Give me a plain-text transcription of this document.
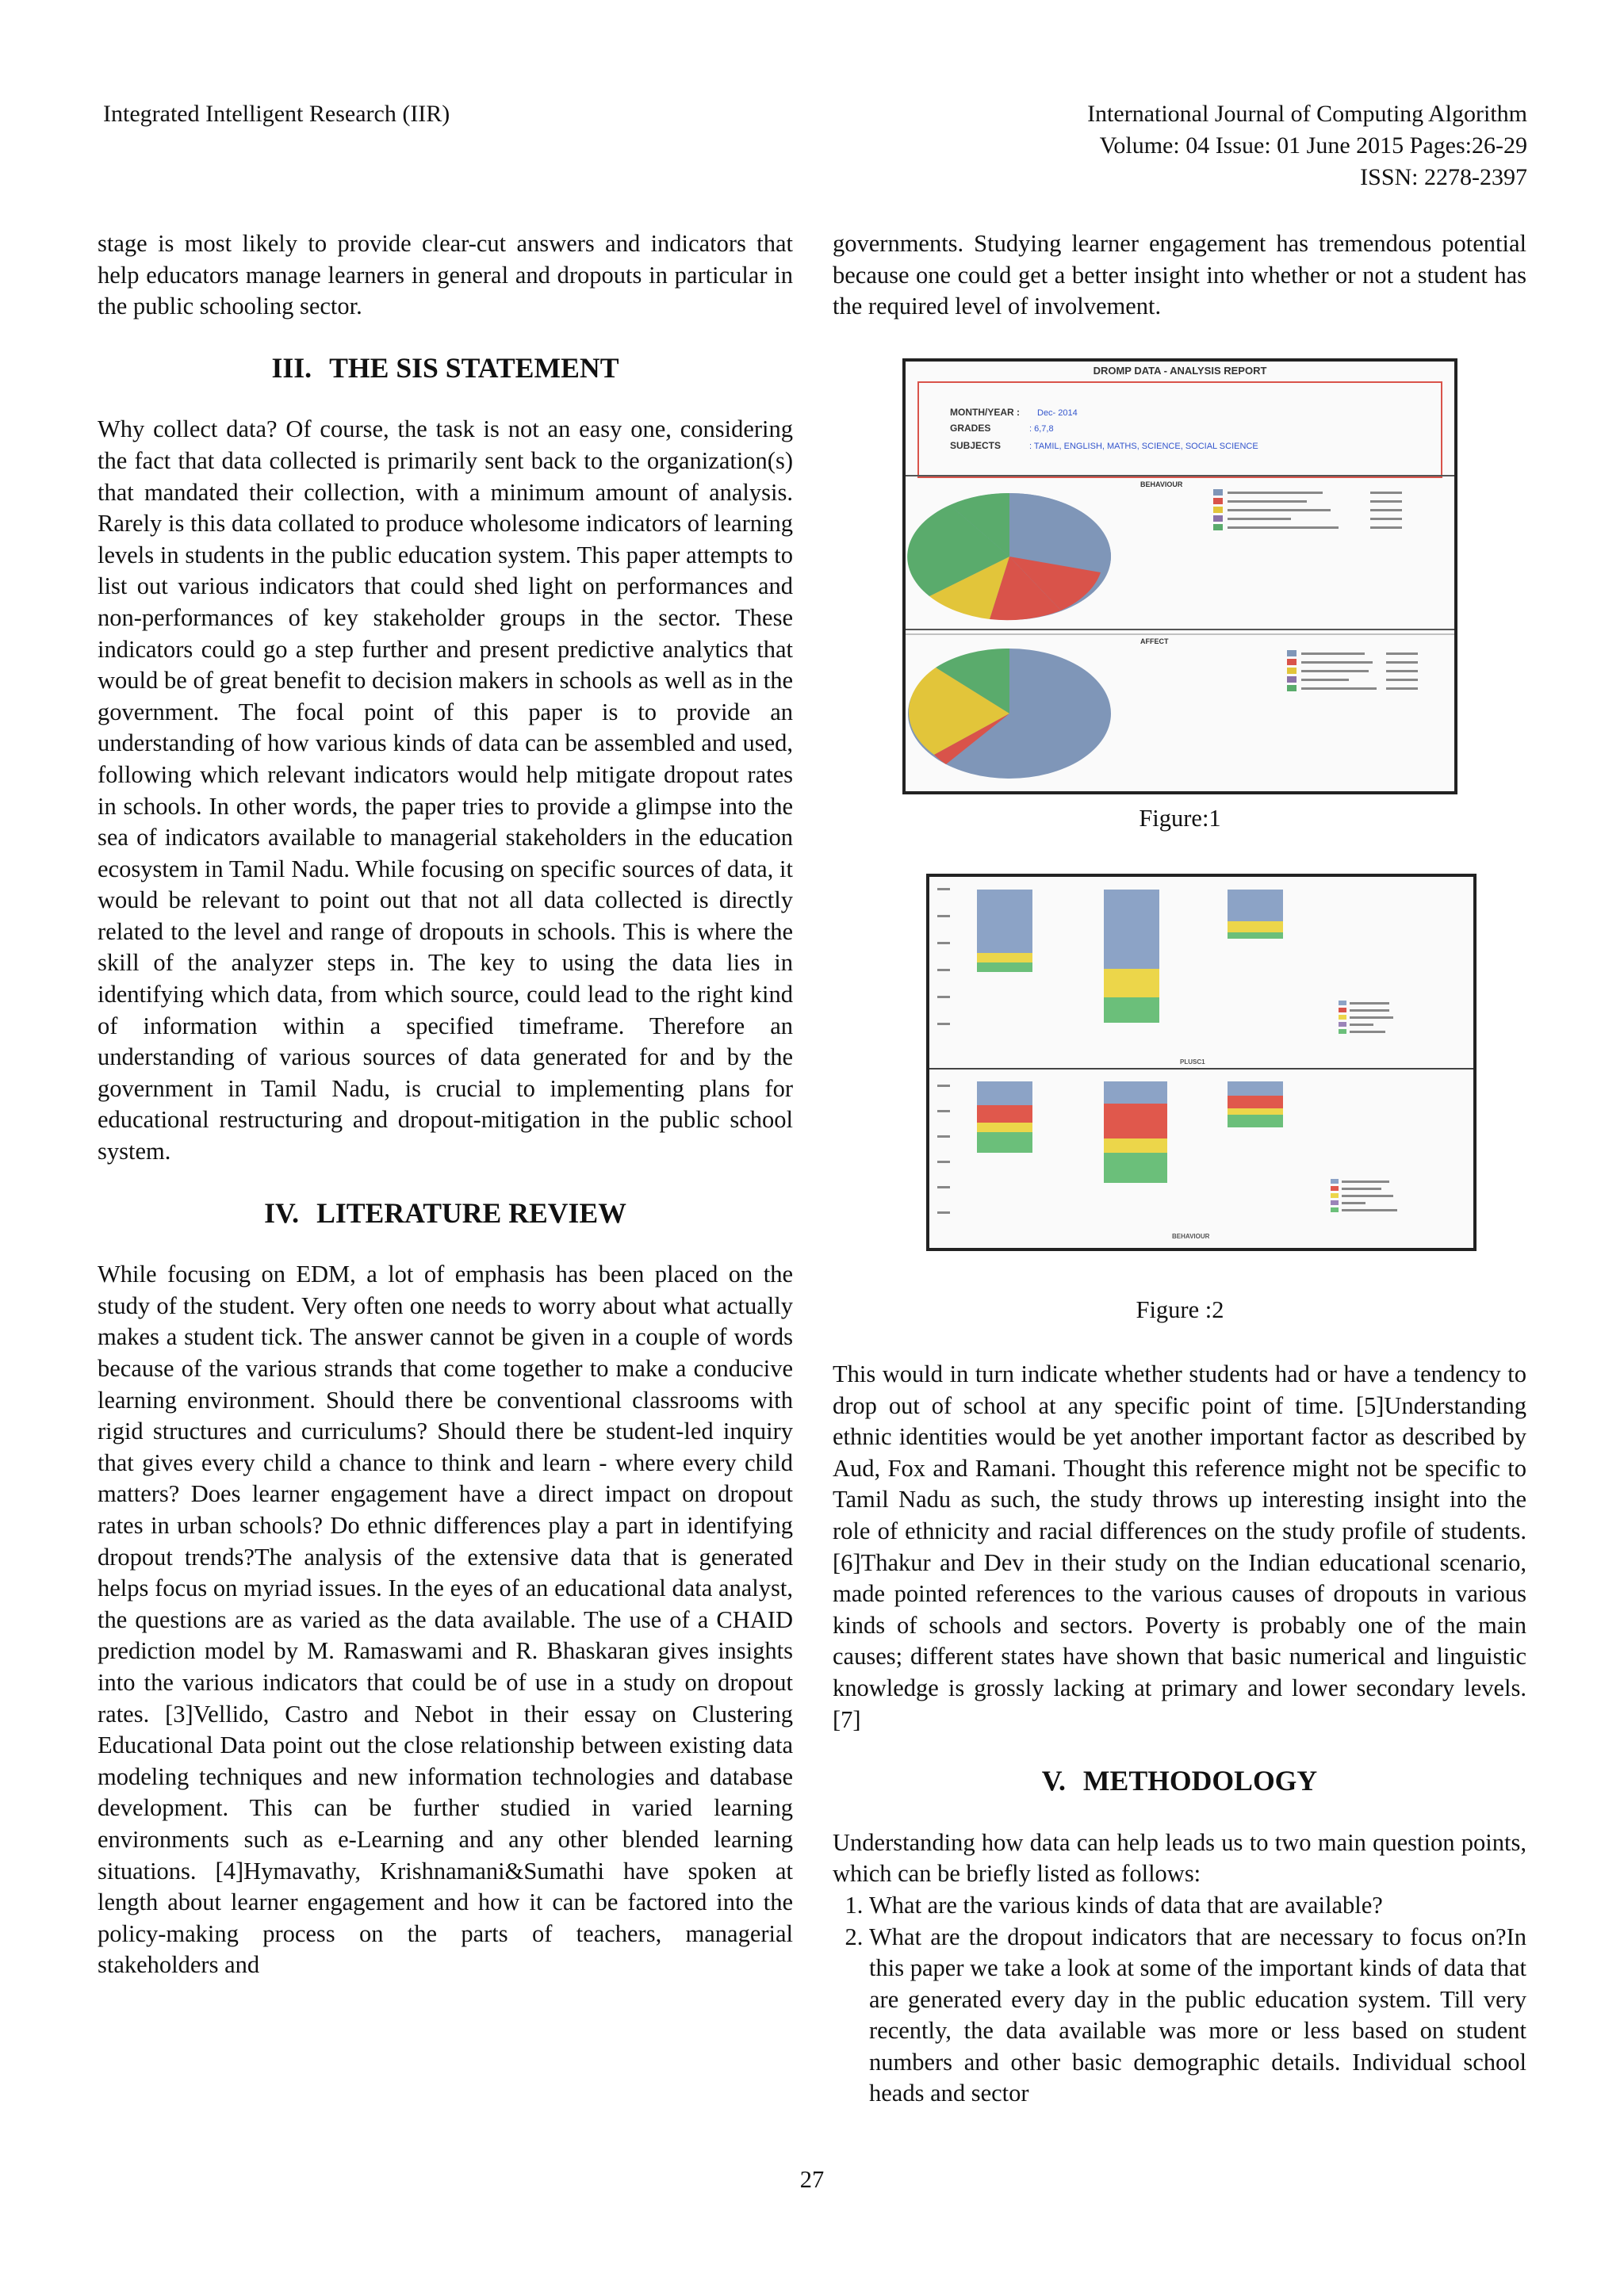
Integrated Intelligent Research (IIR)	International Journal of Computing Algorithm
Volume: 04 Issue: 01 June 2015 Pages:26-29
ISSN: 2278-2397

stage is most likely to provide clear-cut answers and indicators that help educators manage learners in general and dropouts in particular in the public schooling sector.

III. THE SIS STATEMENT

Why collect data? Of course, the task is not an easy one, considering the fact that data collected is primarily sent back to the organization(s) that mandated their collection, with a minimum amount of analysis. Rarely is this data collated to produce wholesome indicators of learning levels in students in the public education system. This paper attempts to list out various indicators that could shed light on performances and non-performances of key stakeholder groups in the sector. These indicators could go a step further and present predictive analytics that would be of great benefit to decision makers in schools as well as in the government. The focal point of this paper is to provide an understanding of how various kinds of data can be assembled and used, following which relevant indicators would help mitigate dropout rates in schools. In other words, the paper tries to provide a glimpse into the sea of indicators available to managerial stakeholders in the education ecosystem in Tamil Nadu. While focusing on specific sources of data, it would be relevant to point out that not all data collected is directly related to the level and range of dropouts in schools. This is where the skill of the analyzer steps in. The key to using the data lies in identifying which data, from which source, could lead to the right kind of information within a specified timeframe. Therefore an understanding of various sources of data generated for and by the government in Tamil Nadu, is crucial to implementing plans for educational restructuring and dropout-mitigation in the public school system.

IV. LITERATURE REVIEW

While focusing on EDM, a lot of emphasis has been placed on the study of the student. Very often one needs to worry about what actually makes a student tick. The answer cannot be given in a couple of words because of the various strands that come together to make a conducive learning environment. Should there be conventional classrooms with rigid structures and curriculums? Should there be student-led inquiry that gives every child a chance to think and learn - where every child matters? Does learner engagement have a direct impact on dropout rates in urban schools? Do ethnic differences play a part in identifying dropout trends?The analysis of the extensive data that is generated helps focus on myriad issues. In the eyes of an educational data analyst, the questions are as varied as the data available. The use of a CHAID prediction model by M. Ramaswami and R. Bhaskaran gives insights into the various indicators that could be of use in a study on dropout rates. [3]Vellido, Castro and Nebot in their essay on Clustering Educational Data point out the close relationship between existing data modeling techniques and new information technologies and database development. This can be further studied in varied learning environments such as e-Learning and any other blended learning situations. [4]Hymavathy, Krishnamani&Sumathi have spoken at length about learner engagement and how it can be factored into the policy-making process on the parts of teachers, managerial stakeholders and

governments. Studying learner engagement has tremendous potential because one could get a better insight into whether or not a student has the required level of involvement.

DROMP DATA - ANALYSIS REPORT
MONTH/YEAR : Dec- 2014
GRADES	: 6,7,8
SUBJECTS	: TAMIL, ENGLISH, MATHS, SCIENCE, SOCIAL SCIENCE
BEHAVIOUR
AFFECT
Figure:1
PLUSC1
BEHAVIOUR
Figure :2

This would in turn indicate whether students had or have a tendency to drop out of school at any specific point of time. [5]Understanding ethnic identities would be yet another important factor as described by Aud, Fox and Ramani. Thought this reference might not be specific to Tamil Nadu as such, the study throws up interesting insight into the role of ethnicity and racial differences on the study profile of students.[6]Thakur and Dev in their study on the Indian educational scenario, made pointed references to the various causes of dropouts in various kinds of schools and sectors. Poverty is probably one of the main causes; different states have shown that basic numerical and linguistic knowledge is grossly lacking at primary and lower secondary levels. [7]

V. METHODOLOGY

Understanding how data can help leads us to two main question points, which can be briefly listed as follows:

1. What are the various kinds of data that are available?
2. What are the dropout indicators that are necessary to focus on?In this paper we take a look at some of the important kinds of data that are generated every day in the public education system. Till very recently, the data available was more or less based on student numbers and other basic demographic details. Individual school heads and sector
27
